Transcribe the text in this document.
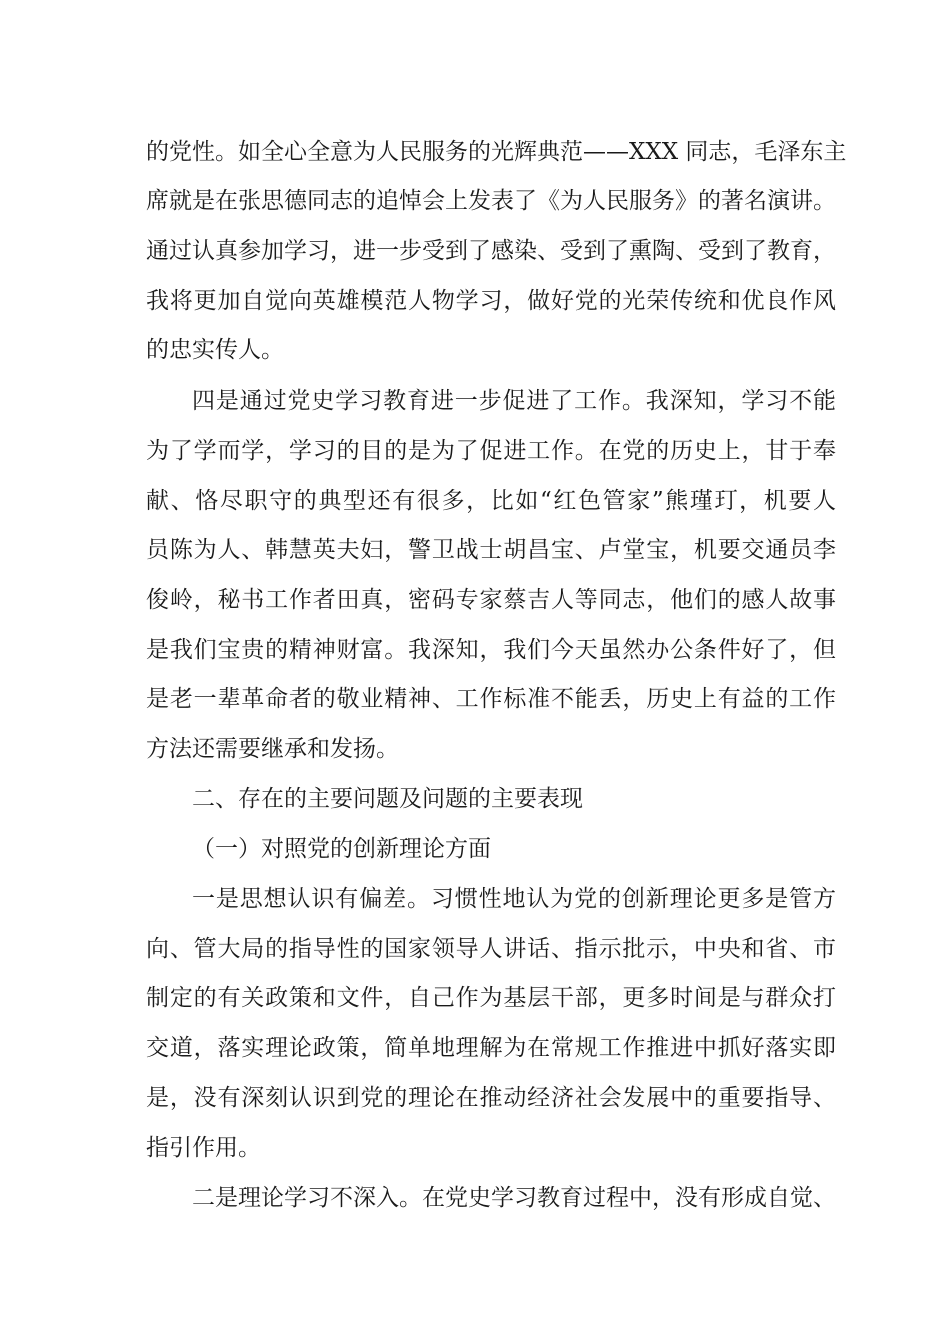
的党性。如全心全意为人民服务的光辉典范——XXX 同志，毛泽东主
席就是在张思德同志的追悼会上发表了《为人民服务》的著名演讲。
通过认真参加学习，进一步受到了感染、受到了熏陶、受到了教育，
我将更加自觉向英雄模范人物学习，做好党的光荣传统和优良作风
的忠实传人。
四是通过党史学习教育进一步促进了工作。我深知，学习不能
为了学而学，学习的目的是为了促进工作。在党的历史上，甘于奉
献、恪尽职守的典型还有很多，比如“红色管家”熊瑾玎，机要人
员陈为人、韩慧英夫妇，警卫战士胡昌宝、卢堂宝，机要交通员李
俊岭，秘书工作者田真，密码专家蔡吉人等同志，他们的感人故事
是我们宝贵的精神财富。我深知，我们今天虽然办公条件好了，但
是老一辈革命者的敬业精神、工作标准不能丢，历史上有益的工作
方法还需要继承和发扬。
二、存在的主要问题及问题的主要表现
（一）对照党的创新理论方面
一是思想认识有偏差。习惯性地认为党的创新理论更多是管方
向、管大局的指导性的国家领导人讲话、指示批示，中央和省、市
制定的有关政策和文件，自己作为基层干部，更多时间是与群众打
交道，落实理论政策，简单地理解为在常规工作推进中抓好落实即
是，没有深刻认识到党的理论在推动经济社会发展中的重要指导、
指引作用。
二是理论学习不深入。在党史学习教育过程中，没有形成自觉、
